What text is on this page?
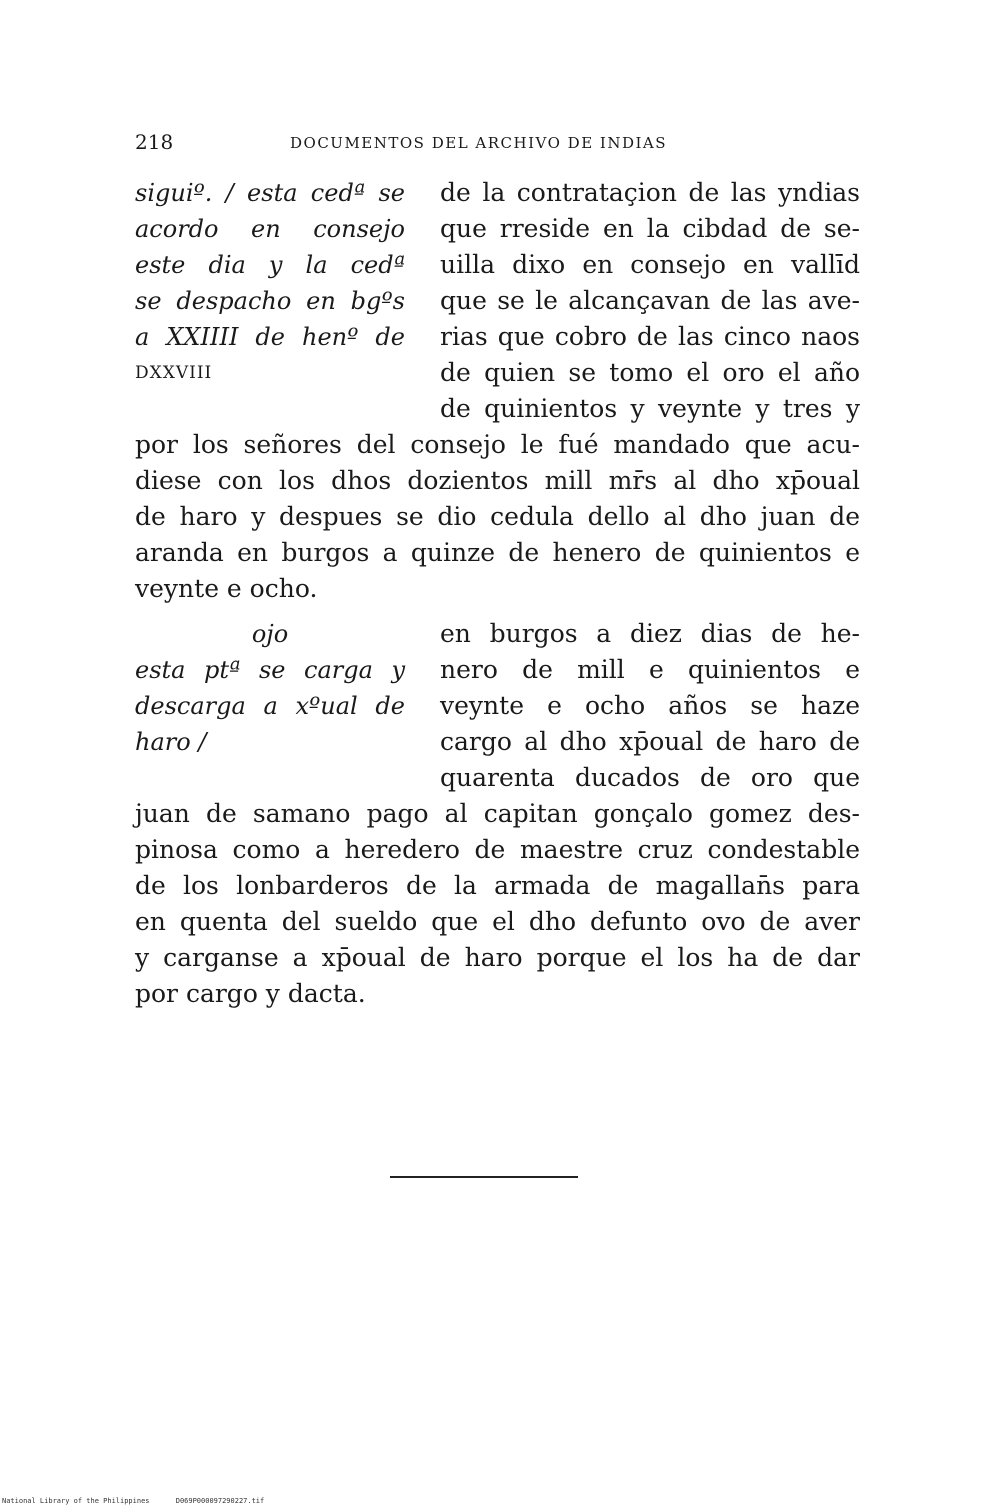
218	DOCUMENTOS DEL ARCHIVO DE INDIAS
siguiº. / esta cedª se
acordo en consejo
este dia y la cedª
se despacho en bgºs
a XXIIII de henº de
DXXVIII
de la contrataçion de las yndias
que rreside en la cibdad de se-
uilla dixo en consejo en vallīd
que se le alcançavan de las ave-
rias que cobro de las cinco naos
de quien se tomo el oro el año
de quinientos y veynte y tres y
por los señores del consejo le fué mandado que acu-
diese con los dhos dozientos mill mr̄s al dho xp̄oual
de haro y despues se dio cedula dello al dho juan de
aranda en burgos a quinze de henero de quinientos e
veynte e ocho.
ojo
esta ptª se carga y
descarga a xºual de
haro /
en burgos a diez dias de he-
nero de mill e quinientos e
veynte e ocho años se haze
cargo al dho xp̄oual de haro de
quarenta ducados de oro que
juan de samano pago al capitan gonçalo gomez des-
pinosa como a heredero de maestre cruz condestable
de los lonbarderos de la armada de magallan̄s para
en quenta del sueldo que el dho defunto ovo de aver
y carganse a xp̄oual de haro porque el los ha de dar
por cargo y dacta.
National Library of the Philippines	D069P000097290227.tif
